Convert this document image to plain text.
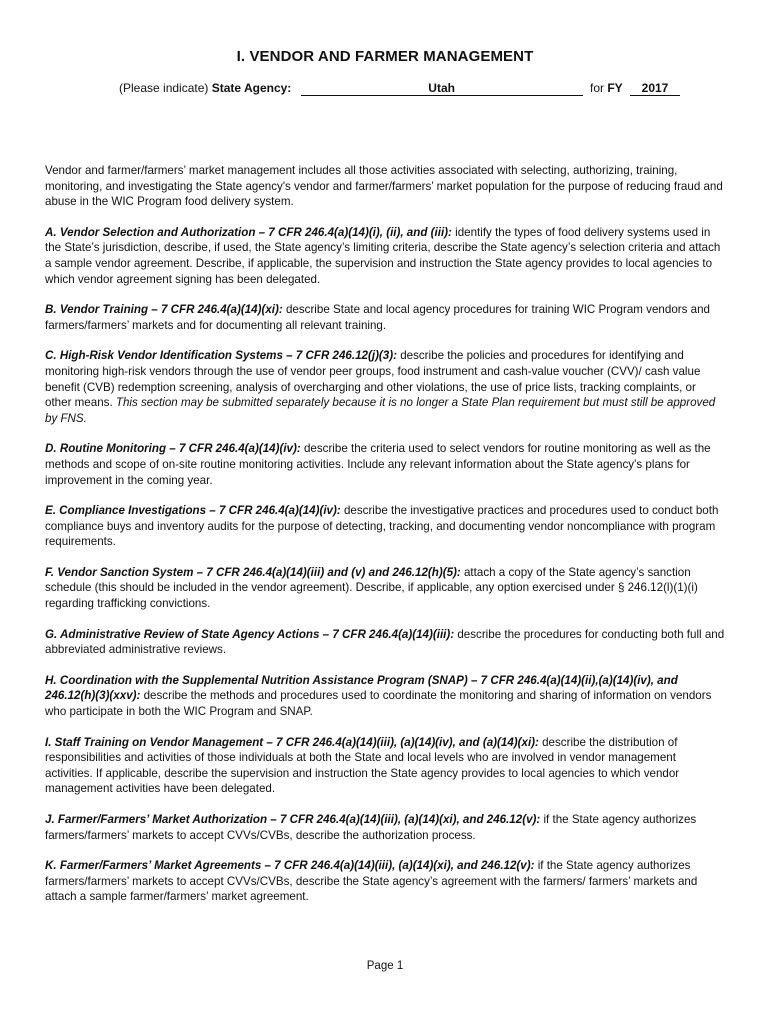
I. VENDOR AND FARMER MANAGEMENT
(Please indicate) State Agency:	Utah	for FY 2017

Vendor and farmer/farmers’ market management includes all those activities associated with selecting, authorizing, training, monitoring, and investigating the State agency's vendor and farmer/farmers’ market population for the purpose of reducing fraud and abuse in the WIC Program food delivery system.

A. Vendor Selection and Authorization – 7 CFR 246.4(a)(14)(i), (ii), and (iii): identify the types of food delivery systems used in the State’s jurisdiction, describe, if used, the State agency’s limiting criteria, describe the State agency’s selection criteria and attach a sample vendor agreement. Describe, if applicable, the supervision and instruction the State agency provides to local agencies to which vendor agreement signing has been delegated.

B. Vendor Training – 7 CFR 246.4(a)(14)(xi): describe State and local agency procedures for training WIC Program vendors and farmers/farmers’ markets and for documenting all relevant training.

C. High-Risk Vendor Identification Systems – 7 CFR 246.12(j)(3): describe the policies and procedures for identifying and monitoring high-risk vendors through the use of vendor peer groups, food instrument and cash-value voucher (CVV)/ cash value benefit (CVB) redemption screening, analysis of overcharging and other violations, the use of price lists, tracking complaints, or other means. This section may be submitted separately because it is no longer a State Plan requirement but must still be approved by FNS.

D. Routine Monitoring – 7 CFR 246.4(a)(14)(iv): describe the criteria used to select vendors for routine monitoring as well as the methods and scope of on-site routine monitoring activities. Include any relevant information about the State agency’s plans for improvement in the coming year.

E. Compliance Investigations – 7 CFR 246.4(a)(14)(iv): describe the investigative practices and procedures used to conduct both compliance buys and inventory audits for the purpose of detecting, tracking, and documenting vendor noncompliance with program requirements.

F. Vendor Sanction System – 7 CFR 246.4(a)(14)(iii) and (v) and 246.12(h)(5): attach a copy of the State agency’s sanction schedule (this should be included in the vendor agreement). Describe, if applicable, any option exercised under § 246.12(l)(1)(i) regarding trafficking convictions.

G. Administrative Review of State Agency Actions – 7 CFR 246.4(a)(14)(iii): describe the procedures for conducting both full and abbreviated administrative reviews.

H. Coordination with the Supplemental Nutrition Assistance Program (SNAP) – 7 CFR 246.4(a)(14)(ii),(a)(14)(iv), and 246.12(h)(3)(xxv): describe the methods and procedures used to coordinate the monitoring and sharing of information on vendors who participate in both the WIC Program and SNAP.

I. Staff Training on Vendor Management – 7 CFR 246.4(a)(14)(iii), (a)(14)(iv), and (a)(14)(xi): describe the distribution of responsibilities and activities of those individuals at both the State and local levels who are involved in vendor management activities. If applicable, describe the supervision and instruction the State agency provides to local agencies to which vendor management activities have been delegated.

J. Farmer/Farmers’ Market Authorization – 7 CFR 246.4(a)(14)(iii), (a)(14)(xi), and 246.12(v): if the State agency authorizes farmers/farmers’ markets to accept CVVs/CVBs, describe the authorization process.

K. Farmer/Farmers’ Market Agreements – 7 CFR 246.4(a)(14)(iii), (a)(14)(xi), and 246.12(v): if the State agency authorizes farmers/farmers’ markets to accept CVVs/CVBs, describe the State agency’s agreement with the farmers/ farmers’ markets and attach a sample farmer/farmers’ market agreement.

Page 1
